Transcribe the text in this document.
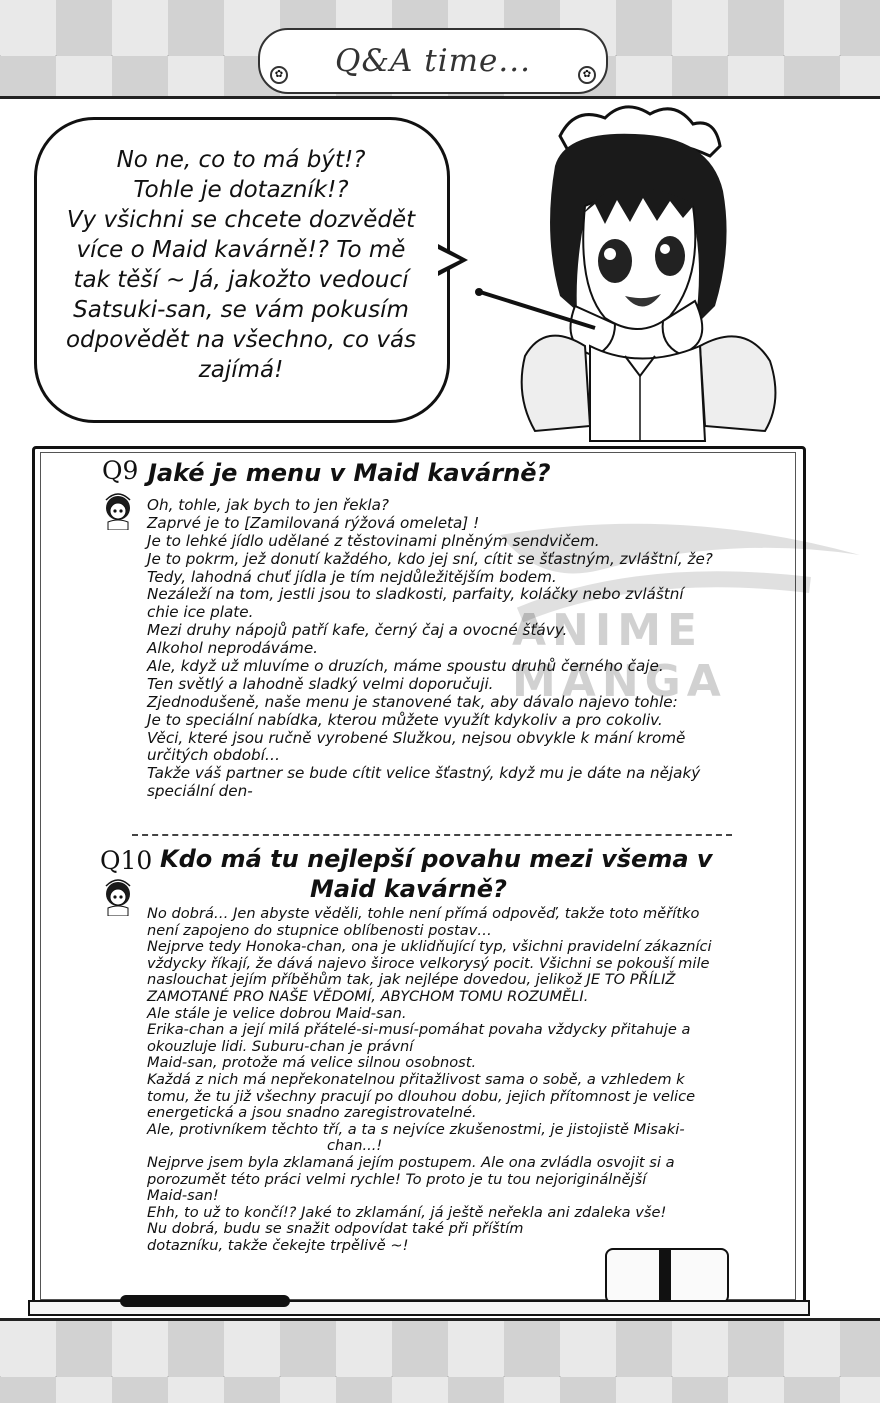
✿ Q&A time...	✿
No ne, co to má být!?
Tohle je dotazník!?
Vy všichni se chcete dozvědět
více o Maid kavárně!? To mě
tak těší ~ Já, jakožto vedoucí
Satsuki-san, se vám pokusím
odpovědět na všechno, co vás
zajímá!
ANIME MANGA
Q9 Jaké je menu v Maid kavárně?
Oh, tohle, jak bych to jen řekla?
Zaprvé je to [Zamilovaná rýžová omeleta] !
Je to lehké jídlo udělané z těstovinami plněným sendvičem.
Je to pokrm, jež donutí každého, kdo jej sní, cítit se šťastným, zvláštní, že?
Tedy, lahodná chuť jídla je tím nejdůležitějším bodem.
Nezáleží na tom, jestli jsou to sladkosti, parfaity, koláčky nebo zvláštní
chie ice plate.
Mezi druhy nápojů patří kafe, černý čaj a ovocné šťávy.
Alkohol neprodáváme.
Ale, když už mluvíme o druzích, máme spoustu druhů černého čaje.
Ten světlý a lahodně sladký velmi doporučuji.
Zjednodušeně, naše menu je stanovené tak, aby dávalo najevo tohle:
Je to speciální nabídka, kterou můžete využít kdykoliv a pro cokoliv.
Věci, které jsou ručně vyrobené Služkou, nejsou obvykle k mání kromě
určitých období…
Takže váš partner se bude cítit velice šťastný, když mu je dáte na nějaký
speciální den-
Q10 Kdo má tu nejlepší povahu mezi všema v
Maid kavárně?
No dobrá… Jen abyste věděli, tohle není přímá odpověď, takže toto měřítko
není zapojeno do stupnice oblíbenosti postav…
Nejprve tedy Honoka-chan, ona je uklidňující typ, všichni pravidelní zákazníci
vždycky říkají, že dává najevo široce velkorysý pocit. Všichni se pokouší mile
naslouchat jejím příběhům tak, jak nejlépe dovedou, jelikož JE TO PŘÍLIŽ
ZAMOTANÉ PRO NAŠE VĚDOMÍ, ABYCHOM TOMU ROZUMĚLI.
Ale stále je velice dobrou Maid-san.
Erika-chan a její milá přátelé-si-musí-pomáhat povaha vždycky přitahuje a
okouzluje lidi. Suburu-chan je právní
Maid-san, protože má velice silnou osobnost.
Každá z nich má nepřekonatelnou přitažlivost sama o sobě, a vzhledem k
tomu, že tu již všechny pracují po dlouhou dobu, jejich přítomnost je velice
energetická a jsou snadno zaregistrovatelné.
Ale, protivníkem těchto tří, a ta s nejvíce zkušenostmi, je jistojistě Misaki-
chan...!
Nejprve jsem byla zklamaná jejím postupem. Ale ona zvládla osvojit si a
porozumět této práci velmi rychle! To proto je tu tou nejoriginálnější
Maid-san!
Ehh, to už to končí!? Jaké to zklamání, já ještě neřekla ani zdaleka vše!
Nu dobrá, budu se snažit odpovídat také při příštím
dotazníku, takže čekejte trpělivě ~!
